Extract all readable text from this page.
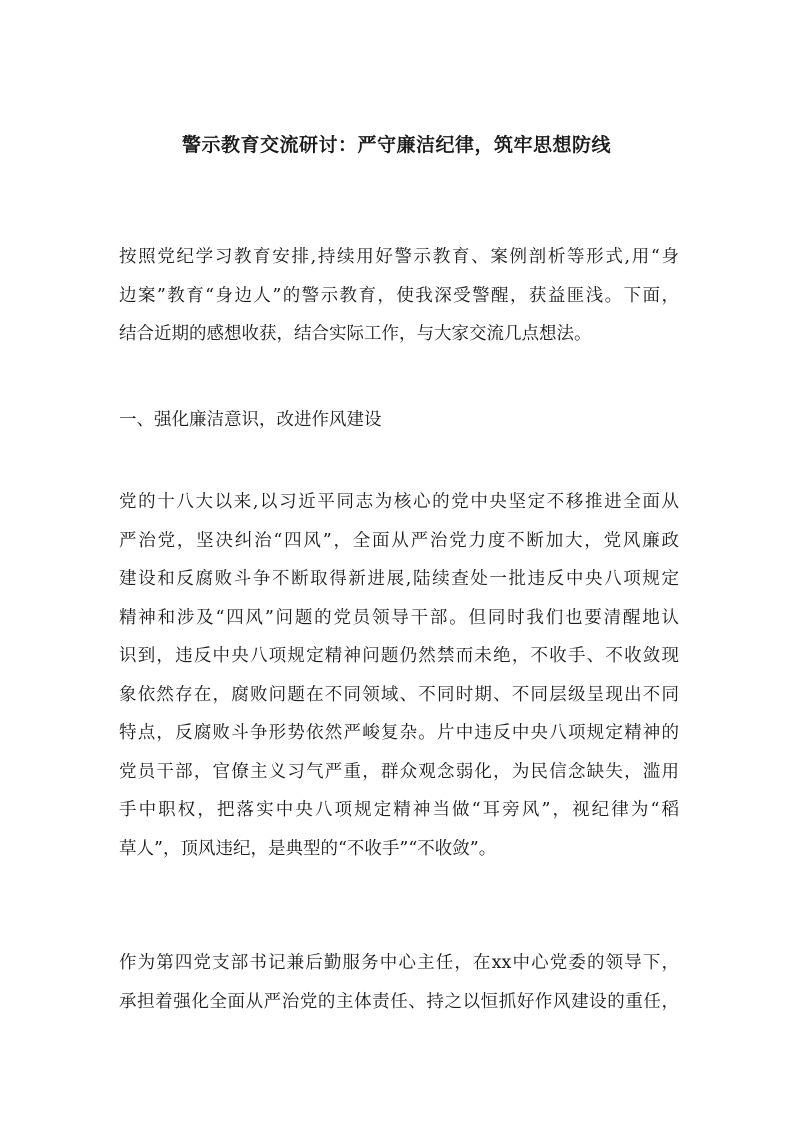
警示教育交流研讨：严守廉洁纪律，筑牢思想防线
按照党纪学习教育安排,持续用好警示教育、案例剖析等形式,用“身
边案”教育“身边人”的警示教育，使我深受警醒，获益匪浅。下面，
结合近期的感想收获，结合实际工作，与大家交流几点想法。
一、强化廉洁意识，改进作风建设
党的十八大以来,以习近平同志为核心的党中央坚定不移推进全面从
严治党，坚决纠治“四风”，全面从严治党力度不断加大，党风廉政
建设和反腐败斗争不断取得新进展,陆续查处一批违反中央八项规定
精神和涉及“四风”问题的党员领导干部。但同时我们也要清醒地认
识到，违反中央八项规定精神问题仍然禁而未绝，不收手、不收敛现
象依然存在，腐败问题在不同领域、不同时期、不同层级呈现出不同
特点，反腐败斗争形势依然严峻复杂。片中违反中央八项规定精神的
党员干部，官僚主义习气严重，群众观念弱化，为民信念缺失，滥用
手中职权，把落实中央八项规定精神当做“耳旁风”，视纪律为“稻
草人”，顶风违纪，是典型的“不收手”“不收敛”。
作为第四党支部书记兼后勤服务中心主任，在xx中心党委的领导下，
承担着强化全面从严治党的主体责任、持之以恒抓好作风建设的重任，
